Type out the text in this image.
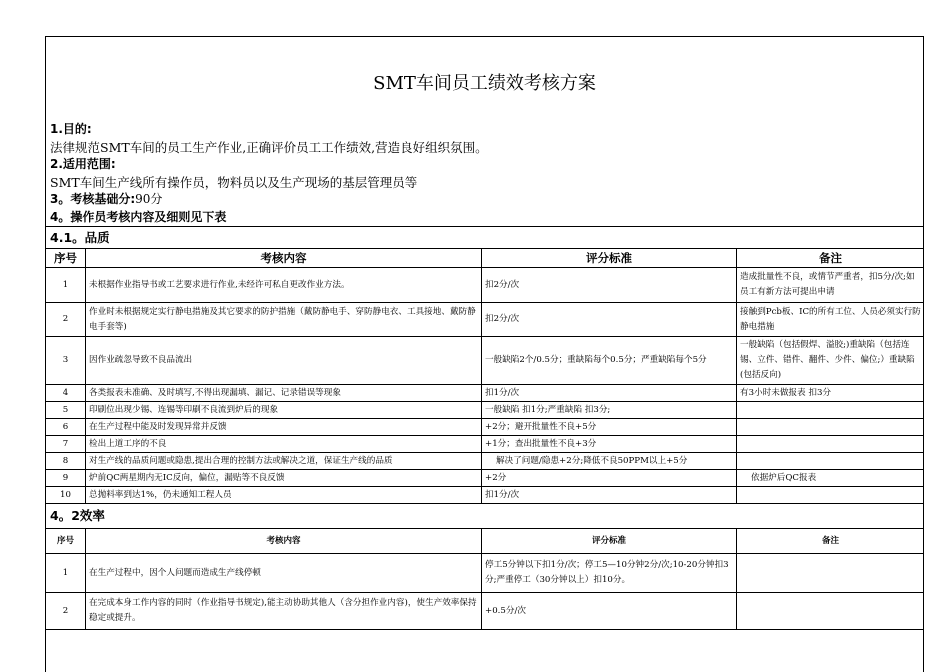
SMT车间员工绩效考核方案
1.目的:
法律规范SMT车间的员工生产作业,正确评价员工工作绩效,营造良好组织氛围。
2.适用范围:
SMT车间生产线所有操作员，物料员以及生产现场的基层管理员等
3。考核基础分:90分
4。操作员考核内容及细则见下表
4.1。品质
序号	考核内容	评分标准	备注
1	未根据作业指导书或工艺要求进行作业,未经许可私自更改作业方法。	扣2分/次	造成批量性不良，或情节严重者，扣5分/次;如员工有新方法可提出申请
2	作业时未根据规定实行静电措施及其它要求的防护措施（戴防静电手、穿防静电衣、工具接地、戴防静电手套等)	扣2分/次	接触到Pcb板、IC的所有工位、人员必须实行防静电措施
3	因作业疏忽导致不良品流出	一般缺陷2个/0.5分；重缺陷每个0.5分；严重缺陷每个5分	一般缺陷（包括假焊、溢胶;)重缺陷（包括连锡、立件、错件、翻件、少件、偏位;）重缺陷(包括反向)
4	各类报表未准确、及时填写,不得出现漏填、漏记、记录错误等现象	扣1分/次	有3小时未做报表 扣3分
5	印刷位出现少锡、连锡等印刷不良流到炉后的现象	一般缺陷 扣1分;严重缺陷 扣3分;	
6	在生产过程中能及时发现异常并反馈	+2分；避开批量性不良+5分	
7	检出上道工序的不良	+1分；查出批量性不良+3分	
8	对生产线的品质问题或隐患,提出合理的控制方法或解决之道，保证生产线的品质	解决了问题/隐患+2分;降低不良50PPM以上+5分	
9	炉前QC两星期内无IC反向，偏位，漏贴等不良反馈	+2分	依据炉后QC报表
10	总抛料率到达1%，仍未通知工程人员	扣1分/次	
4。2效率
序号	考核内容	评分标准	备注
1	在生产过程中，因个人问题而造成生产线停顿	停工5分钟以下扣1分/次；停工5—10分钟2分/次;10-20分钟扣3分;严重停工（30分钟以上）扣10分。	
2	在完成本身工作内容的同时（作业指导书规定),能主动协助其他人（含分担作业内容)，使生产效率保持稳定或提升。	+0.5分/次	
